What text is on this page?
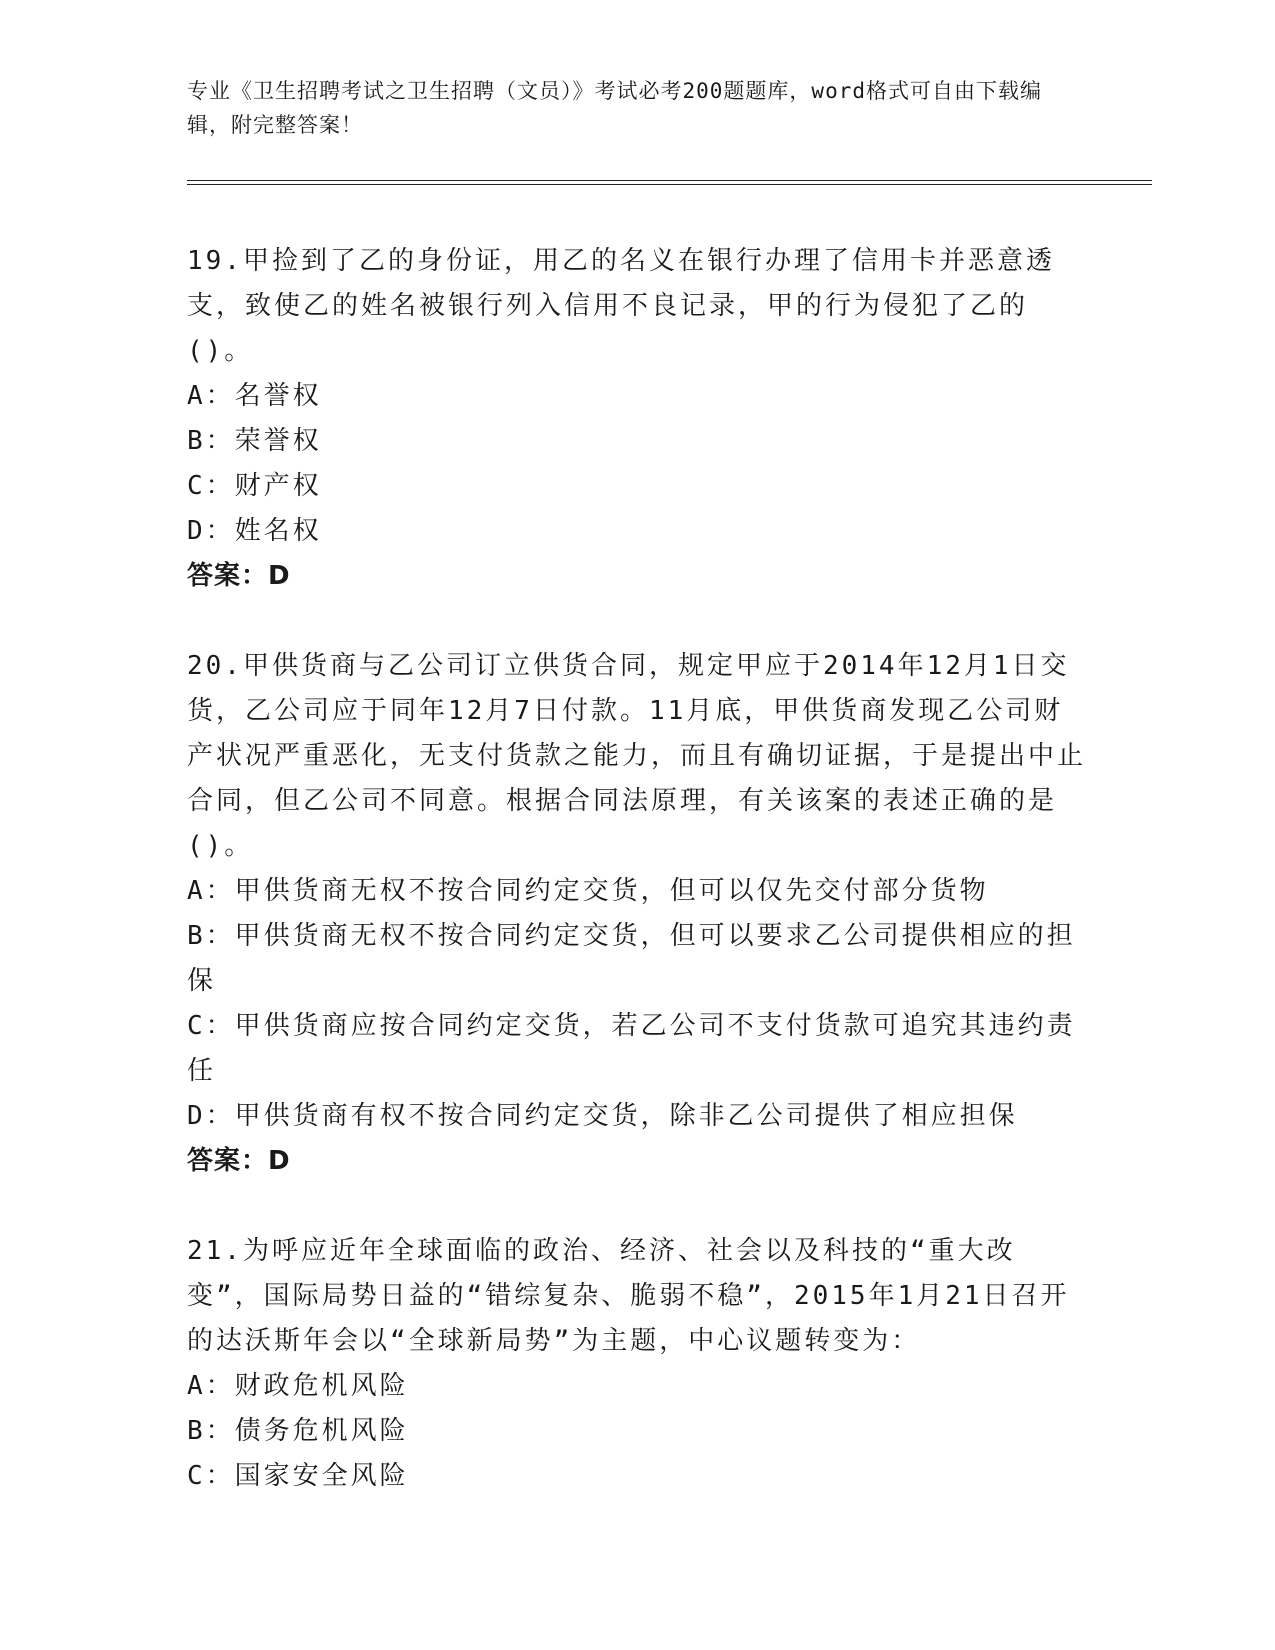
专业《卫生招聘考试之卫生招聘（文员）》考试必考200题题库，word格式可自由下载编辑，附完整答案！

19.甲捡到了乙的身份证，用乙的名义在银行办理了信用卡并恶意透支，致使乙的姓名被银行列入信用不良记录，甲的行为侵犯了乙的()。

A：名誉权

B：荣誉权

C：财产权

D：姓名权

答案：D

20.甲供货商与乙公司订立供货合同，规定甲应于2014年12月1日交货，乙公司应于同年12月7日付款。11月底，甲供货商发现乙公司财产状况严重恶化，无支付货款之能力，而且有确切证据，于是提出中止合同，但乙公司不同意。根据合同法原理，有关该案的表述正确的是()。

A：甲供货商无权不按合同约定交货，但可以仅先交付部分货物

B：甲供货商无权不按合同约定交货，但可以要求乙公司提供相应的担保

C：甲供货商应按合同约定交货，若乙公司不支付货款可追究其违约责任

D：甲供货商有权不按合同约定交货，除非乙公司提供了相应担保

答案：D

21.为呼应近年全球面临的政治、经济、社会以及科技的“重大改变”，国际局势日益的“错综复杂、脆弱不稳”，2015年1月21日召开的达沃斯年会以“全球新局势”为主题，中心议题转变为：

A：财政危机风险

B：债务危机风险

C：国家安全风险
